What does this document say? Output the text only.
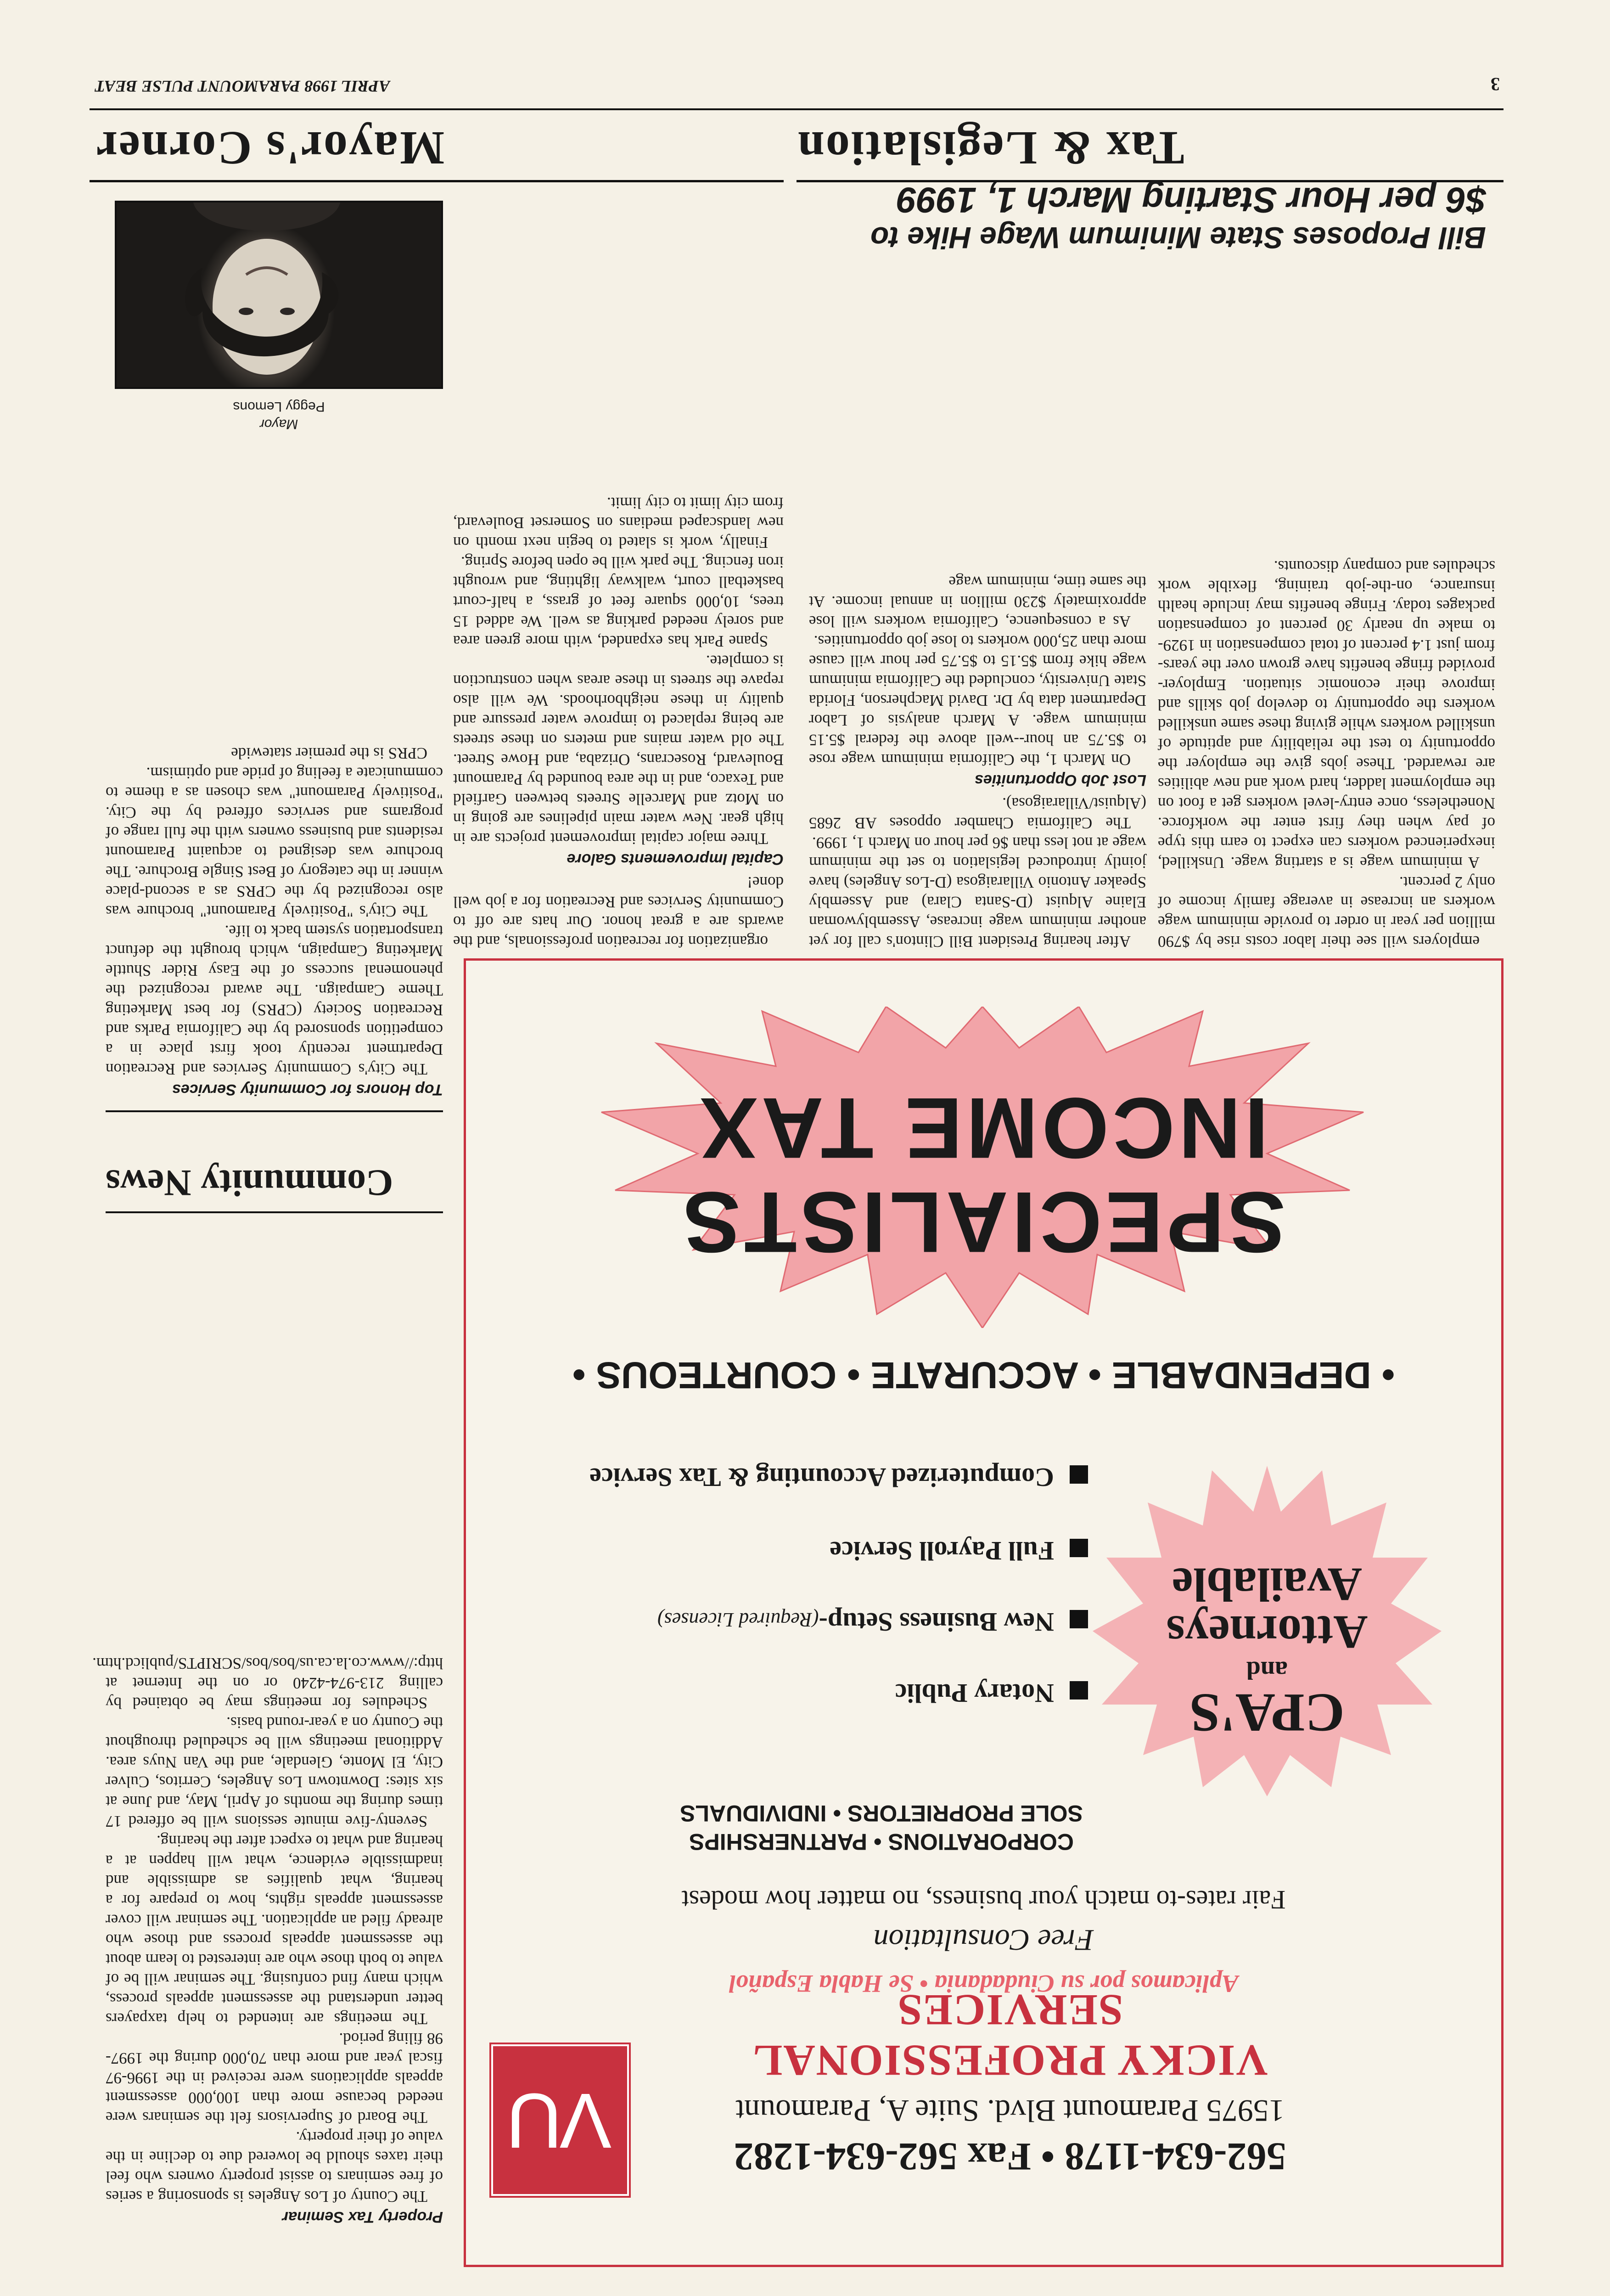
3
APRIL 1998 PARAMOUNT PULSE BEAT
Tax & Legislation
Bill Proposes State Minimum Wage Hike to
$6 per Hour Starting March 1, 1999

After hearing President Bill Clinton's call for yet another minimum wage increase, Assemblywoman Elaine Alquist (D-Santa Clara) and Assembly Speaker Antonio Villaraigosa (D-Los Angeles) have jointly introduced legislation to set the minimum wage at not less than $6 per hour on March 1, 1999.

The California Chamber opposes AB 2685 (Alquist/Villaraigosa).

Lost Job Opportunities

On March 1, the California minimum wage rose to $5.75 an hour--well above the federal $5.15 minimum wage. A March analysis of Labor Department data by Dr. David Macpherson, Florida State University, concluded the California minimum wage hike from $5.15 to $5.75 per hour will cause more than 25,000 workers to lose job opportunities.

As a consequence, California workers will lose approximately $230 million in annual income. At the same time, minimum wage

employers will see their labor costs rise by $790 million per year in order to provide minimum wage workers an increase in average family income of only 2 percent.

A minimum wage is a starting wage. Unskilled, inexperienced workers can expect to earn this type of pay when they first enter the workforce. Nonetheless, once entry-level workers get a foot on the employment ladder, hard work and new abilities are rewarded. These jobs give the employer the opportunity to test the reliability and aptitude of unskilled workers while giving these same unskilled workers the opportunity to develop job skills and improve their economic situation. Employer-provided fringe benefits have grown over the years-from just 1.4 percent of total compensation in 1929-to make up nearly 30 percent of compensation packages today. Fringe benefits may include health insurance, on-the-job training, flexible work schedules and company discounts.

Mayor's Corner
Mayor
Peggy Lemons
Top Honors for Community Services

The City's Community Services and Recreation Department recently took first place in a competition sponsored by the California Parks and Recreation Society (CPRS) for best Marketing Theme Campaign. The award recognized the phenomenal success of the Easy Rider Shuttle Marketing Campaign, which brought the defunct transportation system back to life.

The City's "Positively Paramount" brochure was also recognized by the CPRS as a second-place winner in the category of Best Single Brochure. The brochure was designed to acquaint Paramount residents and business owners with the full range of programs and services offered by the City. "Positively Paramount" was chosen as a theme to communicate a feeling of pride and optimism.

CPRS is the premier statewide

organization for recreation professionals, and the awards are a great honor. Our hats are off to Community Services and Recreation for a job well done!

Capital Improvements Galore

Three major capital improvement projects are in high gear. New water main pipelines are going in on Motz and Marcelle Streets between Garfield and Texaco, and in the area bounded by Paramount Boulevard, Rosecrans, Orizaba, and Howe Street. The old water mains and meters on these streets are being replaced to improve water pressure and quality in these neighborhoods. We will also repave the streets in these areas when construction is complete.

Spane Park has expanded, with more green area and sorely needed parking as well. We added 15 trees, 10,000 square feet of grass, a half-court basketball court, walkway lighting, and wrought iron fencing. The park will be open before Spring.

Finally, work is slated to begin next month on new landscaped medians on Somerset Boulevard, from city limit to city limit.

Community News
Property Tax Seminar

The County of Los Angeles is sponsoring a series of free seminars to assist property owners who feel their taxes should be lowered due to decline in the value of their property.

The Board of Supervisors felt the seminars were needed because more than 100,000 assessment appeals applications were received in the 1996-97 fiscal year and more than 70,000 during the 1997-98 filing period.

The meetings are intended to help taxpayers better understand the assessment appeals process, which many find confusing. The seminar will be of value to both those who are interested to learn about the assessment appeals process and those who already filed an application. The seminar will cover assessment appeals rights, how to prepare for a hearing, what qualifies as admissible and inadmissible evidence, what will happen at a hearing and what to expect after the hearing.

Seventy-five minute sessions will be offered 17 times during the months of April, May, and June at six sites: Downtown Los Angeles, Cerritos, Culver City, El Monte, Glendale, and the Van Nuys area. Additional meetings will be scheduled throughout the County on a year-round basis.

Schedules for meetings may be obtained by calling 213-974-4240 or on the Internet at http://www.co.la.ca.us/bos/bos/SCRIPTS/publicd.htm.

INCOME TAX
SPECIALISTS
• DEPENDABLE • ACCURATE • COURTEOUS •
Computerized Accounting & Tax Service
Full Payroll Service
New Business Setup-(Required Licenses)
Notary Public	CPA'S
and
Attorneys
Available
CORPORATIONS • PARTNERSHIPS
SOLE PROPRIETORS • INDIVIDUALS
Fair rates-to match your business, no matter how modest
Free Consultation
Aplicamos por su Ciudadania • Se Habla Español
VU
VICKY PROFESSIONAL SERVICES
15975 Paramount Blvd. Suite A, Paramount
562-634-1178 • Fax 562-634-1282
